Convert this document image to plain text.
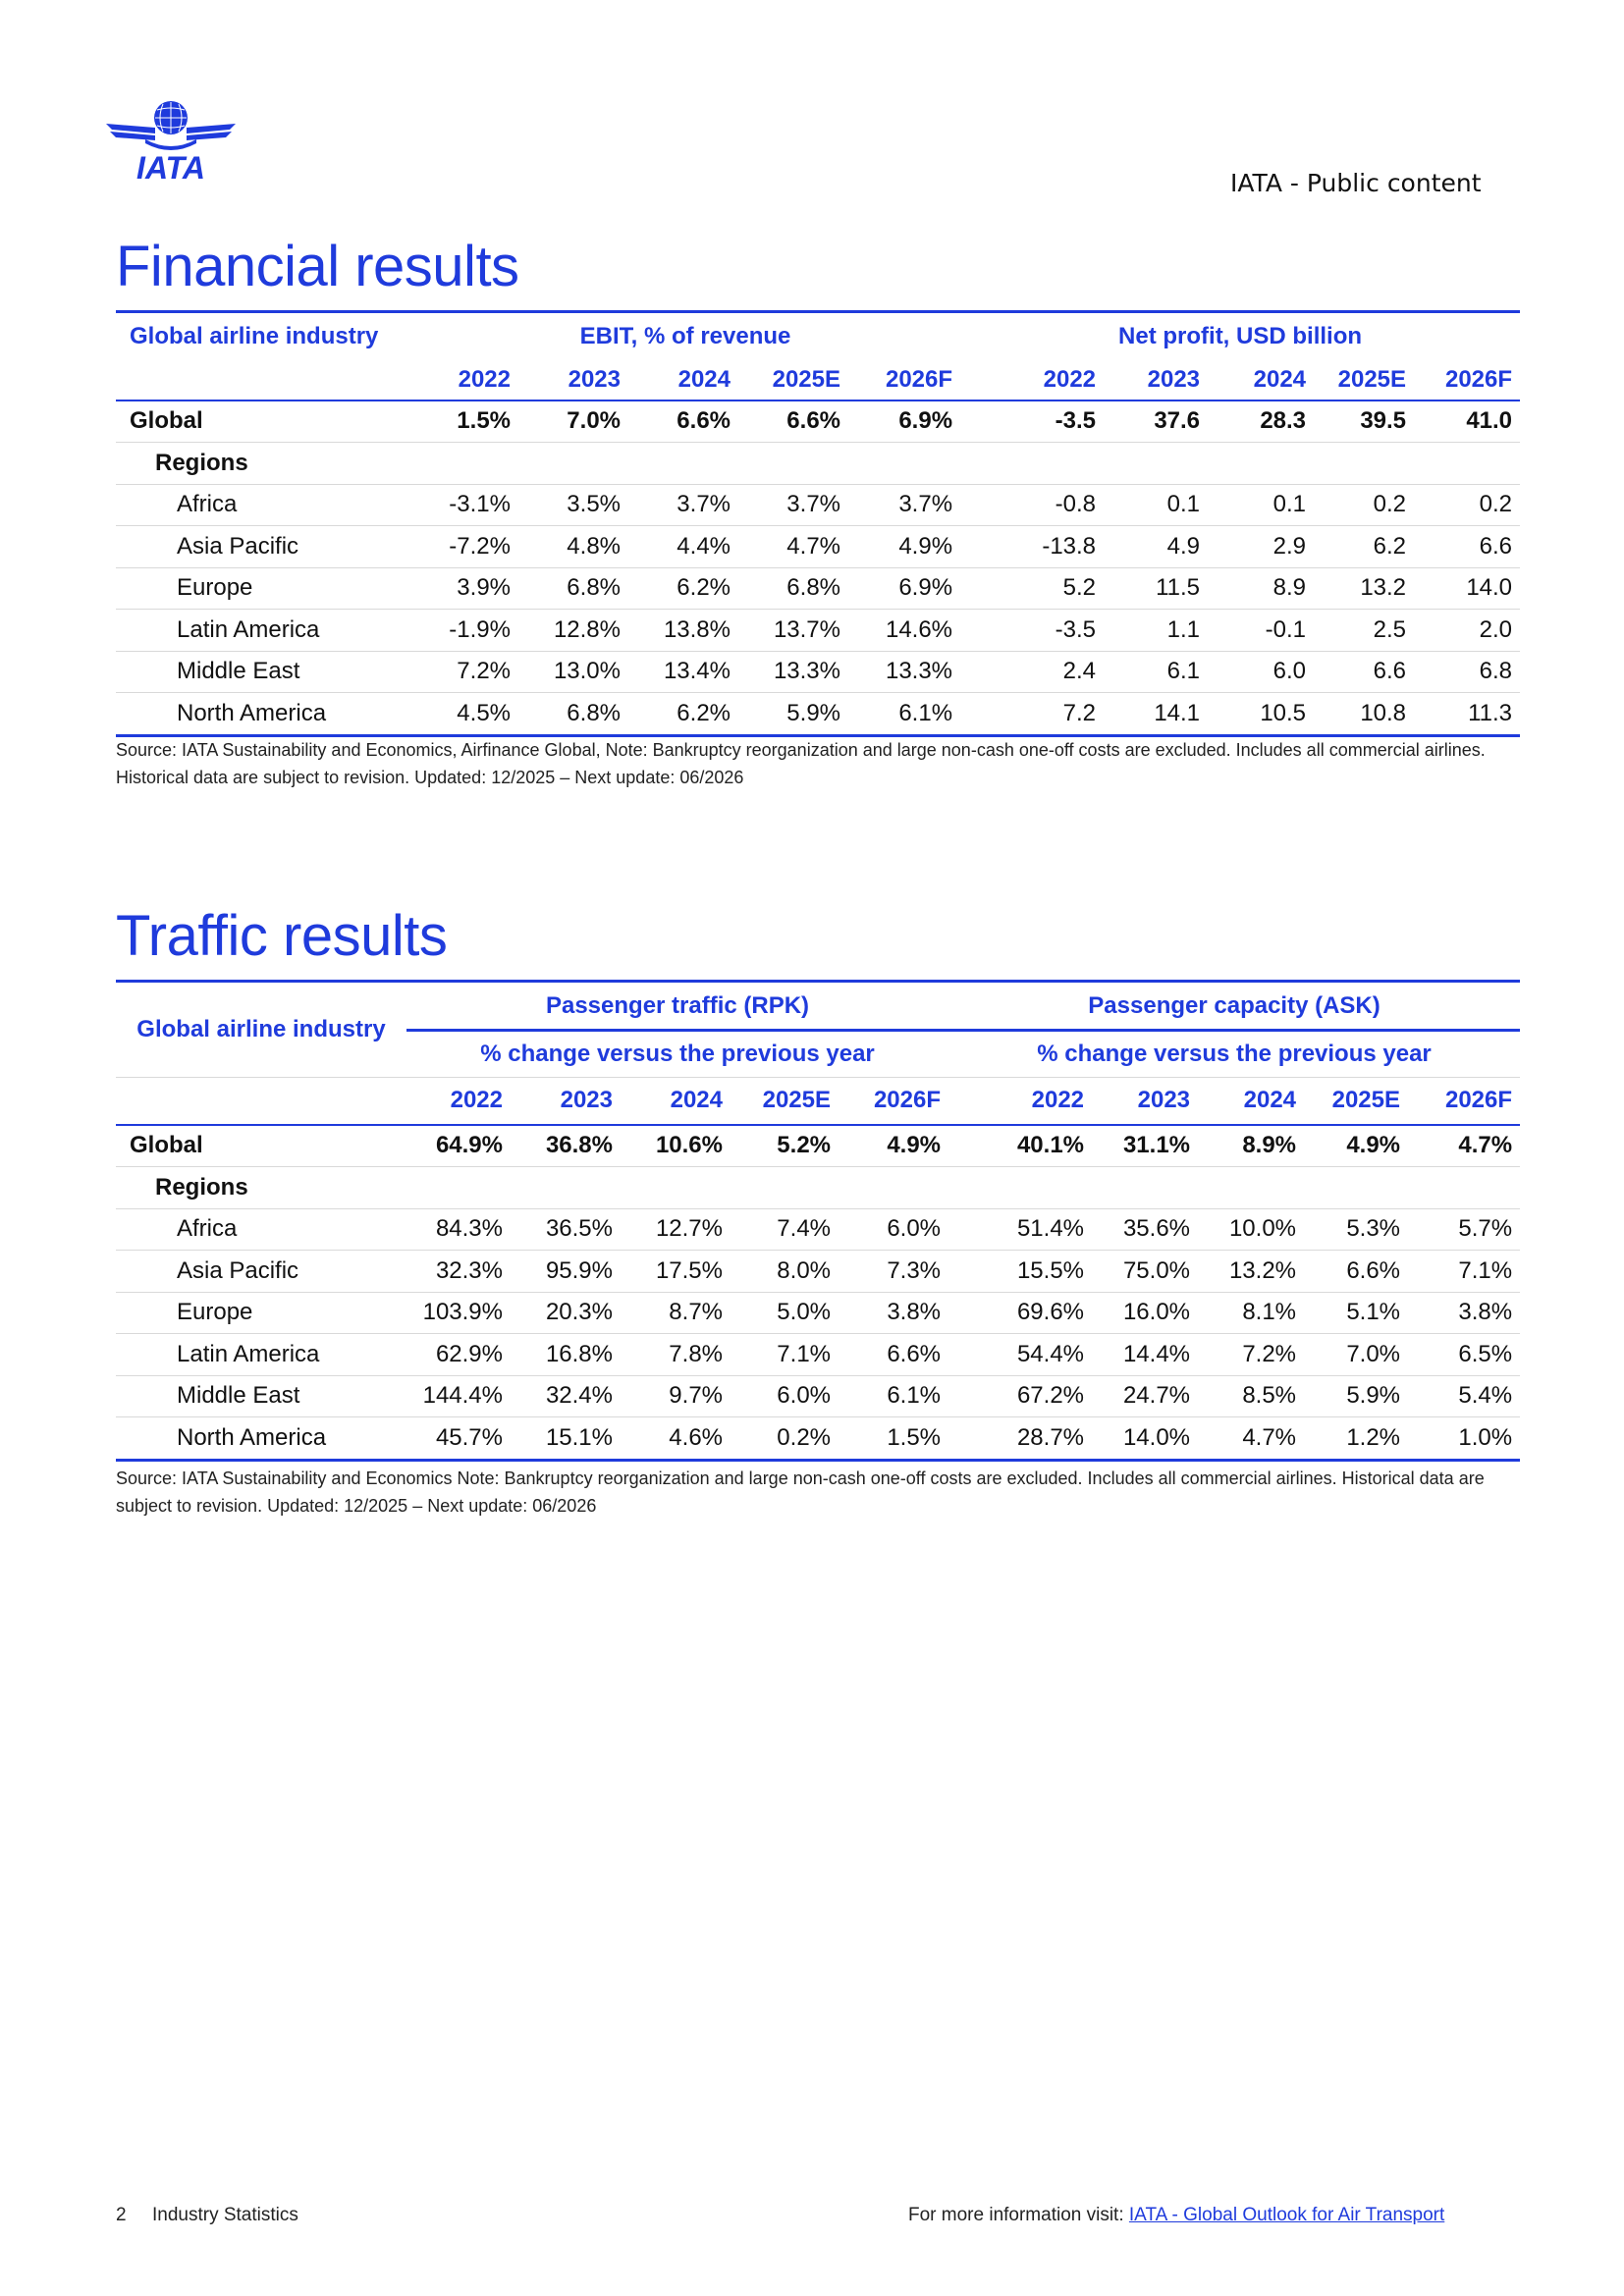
IATA	IATA - Public content
Financial results
Global airline industry	EBIT, % of revenue					Net profit, USD billion				
	2022	2023	2024	2025E	2026F	2022	2023	2024	2025E	2026F
Global	1.5%	7.0%	6.6%	6.6%	6.9%	-3.5	37.6	28.3	39.5	41.0
Regions										
Africa	-3.1%	3.5%	3.7%	3.7%	3.7%	-0.8	0.1	0.1	0.2	0.2
Asia Pacific	-7.2%	4.8%	4.4%	4.7%	4.9%	-13.8	4.9	2.9	6.2	6.6
Europe	3.9%	6.8%	6.2%	6.8%	6.9%	5.2	11.5	8.9	13.2	14.0
Latin America	-1.9%	12.8%	13.8%	13.7%	14.6%	-3.5	1.1	-0.1	2.5	2.0
Middle East	7.2%	13.0%	13.4%	13.3%	13.3%	2.4	6.1	6.0	6.6	6.8
North America	4.5%	6.8%	6.2%	5.9%	6.1%	7.2	14.1	10.5	10.8	11.3
Source: IATA Sustainability and Economics, Airfinance Global, Note: Bankruptcy reorganization and large non-cash one-off costs are excluded. Includes all commercial airlines. Historical data are subject to revision. Updated: 12/2025 – Next update: 06/2026
Traffic results
Global airline industry	Passenger traffic (RPK)					Passenger capacity (ASK)				
	% change versus the previous year					% change versus the previous year				
	2022	2023	2024	2025E	2026F	2022	2023	2024	2025E	2026F
Global	64.9%	36.8%	10.6%	5.2%	4.9%	40.1%	31.1%	8.9%	4.9%	4.7%
Regions										
Africa	84.3%	36.5%	12.7%	7.4%	6.0%	51.4%	35.6%	10.0%	5.3%	5.7%
Asia Pacific	32.3%	95.9%	17.5%	8.0%	7.3%	15.5%	75.0%	13.2%	6.6%	7.1%
Europe	103.9%	20.3%	8.7%	5.0%	3.8%	69.6%	16.0%	8.1%	5.1%	3.8%
Latin America	62.9%	16.8%	7.8%	7.1%	6.6%	54.4%	14.4%	7.2%	7.0%	6.5%
Middle East	144.4%	32.4%	9.7%	6.0%	6.1%	67.2%	24.7%	8.5%	5.9%	5.4%
North America	45.7%	15.1%	4.6%	0.2%	1.5%	28.7%	14.0%	4.7%	1.2%	1.0%
Source: IATA Sustainability and Economics Note: Bankruptcy reorganization and large non-cash one-off costs are excluded. Includes all commercial airlines. Historical data are subject to revision. Updated: 12/2025 – Next update: 06/2026
2 Industry Statistics	For more information visit: IATA - Global Outlook for Air Transport
